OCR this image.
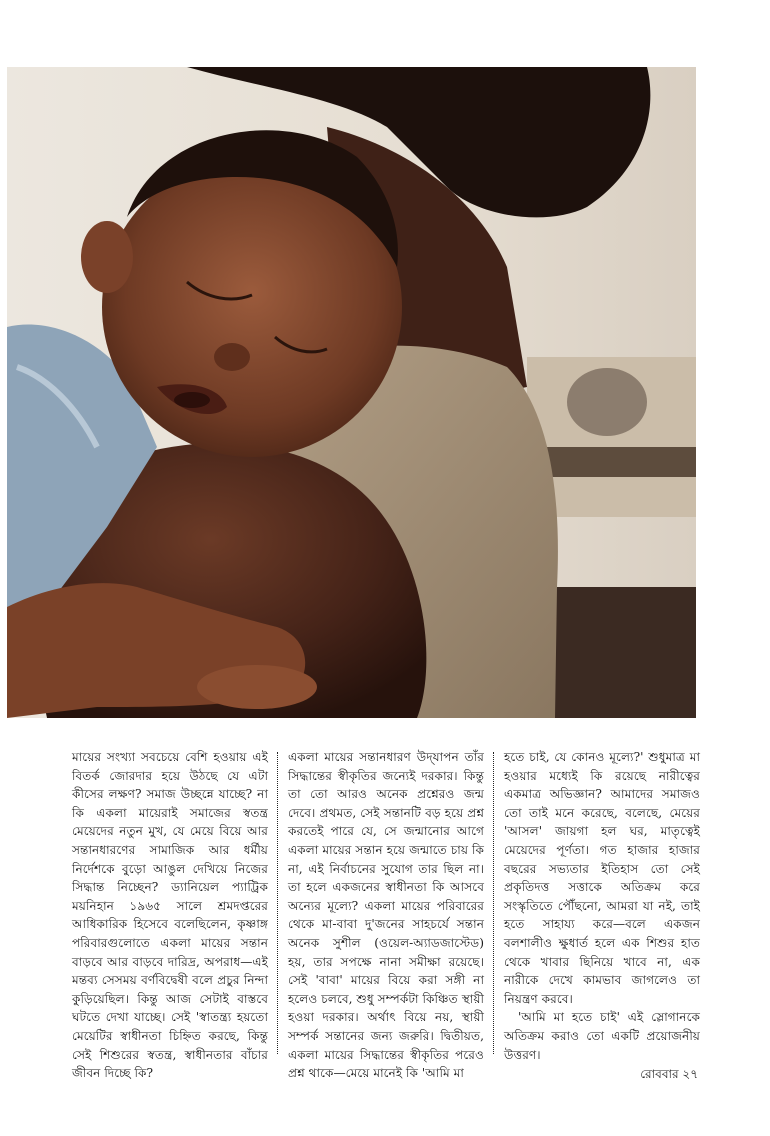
মায়ের সংখ্যা সবচেয়ে বেশি হওয়ায় এই বিতর্ক জোরদার হয়ে উঠছে যে এটা কীসের লক্ষণ? সমাজ উচ্ছন্নে যাচ্ছে? না কি একলা মায়েরাই সমাজের স্বতন্ত্র মেয়েদের নতুন মুখ, যে মেয়ে বিয়ে আর সন্তানধারণের সামাজিক আর ধর্মীয় নির্দেশকে বুড়ো আঙুল দেখিয়ে নিজের সিদ্ধান্ত নিচ্ছেন? ড্যানিয়েল প্যাট্রিক ময়নিহান ১৯৬৫ সালে শ্রমদপ্তরের আধিকারিক হিসেবে বলেছিলেন, কৃষ্ণাঙ্গ পরিবারগুলোতে একলা মায়ের সন্তান বাড়বে আর বাড়বে দারিদ্র, অপরাধ—এই মন্তব্য সেসময় বর্ণবিদ্বেষী বলে প্রচুর নিন্দা কুড়িয়েছিল। কিন্তু আজ সেটাই বাস্তবে ঘটতে দেখা যাচ্ছে। সেই 'স্বাতন্ত্র্য হয়তো মেয়েটির স্বাধীনতা চিহ্নিত করছে, কিন্তু সেই শিশুরের স্বতন্ত্র, স্বাধীনতার বাঁচার জীবন দিচ্ছে কি?

একলা মায়ের সন্তানধারণ উদ্‌যাপন তাঁর সিদ্ধান্তের স্বীকৃতির জন্যেই দরকার। কিন্তু তা তো আরও অনেক প্রশ্নেরও জন্ম দেবে। প্রথমত, সেই সন্তানটি বড় হয়ে প্রশ্ন করতেই পারে যে, সে জন্মানোর আগে একলা মায়ের সন্তান হয়ে জন্মাতে চায় কি না, এই নির্বাচনের সুযোগ তার ছিল না। তা হলে একজনের স্বাধীনতা কি আসবে অন্যের মূল্যে? একলা মায়ের পরিবারের থেকে মা-বাবা দু'জনের সাহচর্যে সন্তান অনেক সুশীল (ওয়েল-অ্যাডজাস্টেড) হয়, তার সপক্ষে নানা সমীক্ষা রয়েছে। সেই 'বাবা' মায়ের বিয়ে করা সঙ্গী না হলেও চলবে, শুধু সম্পর্কটা কিঞ্চিত স্থায়ী হওয়া দরকার। অর্থাৎ বিয়ে নয়, স্থায়ী সম্পর্ক সন্তানের জন্য জরুরি। দ্বিতীয়ত, একলা মায়ের সিদ্ধান্তের স্বীকৃতির পরেও প্রশ্ন থাকে—মেয়ে মানেই কি 'আমি মা

হতে চাই, যে কোনও মূল্যে?' শুধুমাত্র মা হওয়ার মধ্যেই কি রয়েছে নারীত্বের একমাত্র অভিজ্ঞান? আমাদের সমাজও তো তাই মনে করেছে, বলেছে, মেয়ের 'আসল' জায়গা হল ঘর, মাতৃত্বেই মেয়েদের পূর্ণতা। গত হাজার হাজার বছরের সভ্যতার ইতিহাস তো সেই প্রকৃতিদত্ত সত্তাকে অতিক্রম করে সংস্কৃতিতে পৌঁছনো, আমরা যা নই, তাই হতে সাহায্য করে—বলে একজন বলশালীও ক্ষুধার্ত হলে এক শিশুর হাত থেকে খাবার ছিনিয়ে খাবে না, এক নারীকে দেখে কামভাব জাগলেও তা নিয়ন্ত্রণ করবে।

'আমি মা হতে চাই' এই স্লোগানকে অতিক্রম করাও তো একটি প্রয়োজনীয় উত্তরণ।

রোববার ২৭
